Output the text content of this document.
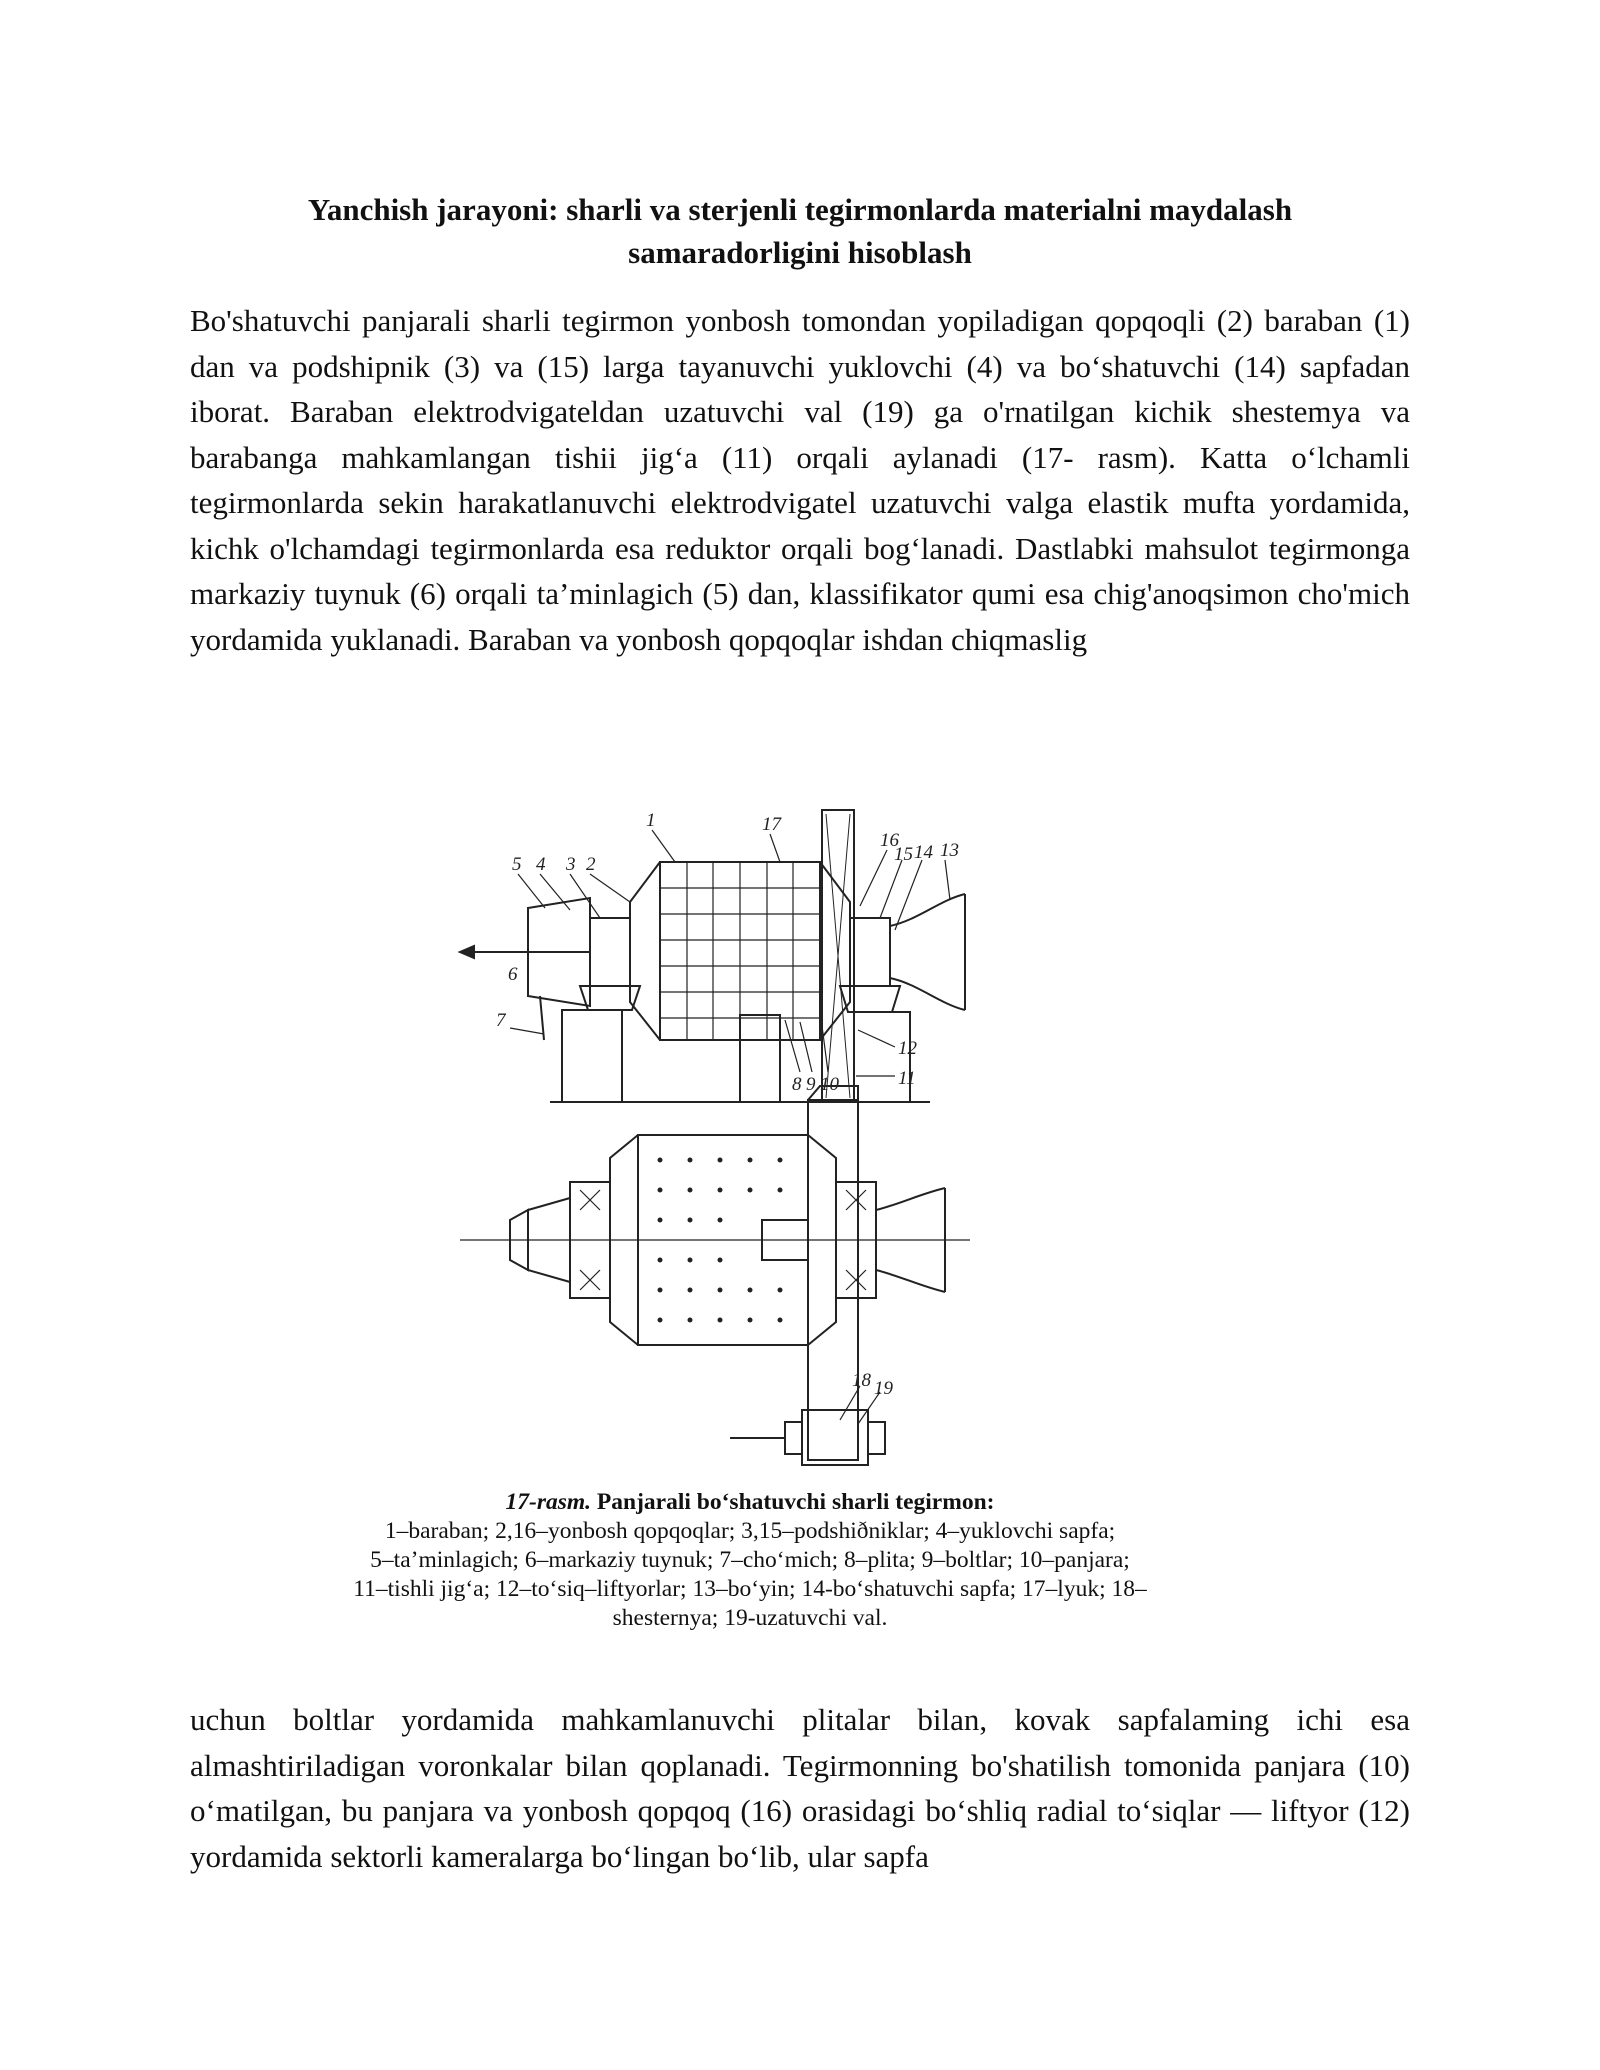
Yanchish jarayoni: sharli va sterjenli tegirmonlarda materialni maydalash
samaradorligini hisoblash

Bo'shatuvchi panjarali sharli tegirmon yonbosh tomondan yopiladigan qopqoqli (2) baraban (1) dan va podshipnik (3) va (15) larga tayanuvchi yuklovchi (4) va bo‘shatuvchi (14) sapfadan iborat. Baraban elektrodvigateldan uzatuvchi val (19) ga o'rnatilgan kichik shestemya va barabanga mahkamlangan tishii jig‘a (11) orqali aylanadi (17- rasm). Katta o‘lchamli tegirmonlarda sekin harakatlanuvchi elektrodvigatel uzatuvchi valga elastik mufta yordamida, kichk o'lchamdagi tegirmonlarda esa reduktor orqali bog‘lanadi. Dastlabki mahsulot tegirmonga markaziy tuynuk (6) orqali ta’minlagich (5) dan, klassifikator qumi esa chig'anoqsimon cho'mich yordamida yuklanadi. Baraban va yonbosh qopqoqlar ishdan chiqmaslig

5 4 3 2
1	17
16
15 14 13
6
7
8 9 10
12
11
18 19
17-rasm. Panjarali bo‘shatuvchi sharli tegirmon:
1–baraban; 2,16–yonbosh qopqoqlar; 3,15–podshiðniklar; 4–yuklovchi sapfa;
5–ta’minlagich; 6–markaziy tuynuk; 7–cho‘mich; 8–plita; 9–boltlar; 10–panjara;
11–tishli jig‘a; 12–to‘siq–liftyorlar; 13–bo‘yin; 14-bo‘shatuvchi sapfa; 17–lyuk; 18–
shesternya; 19-uzatuvchi val.

uchun boltlar yordamida mahkamlanuvchi plitalar bilan, kovak sapfalaming ichi esa almashtiriladigan voronkalar bilan qoplanadi. Tegirmonning bo'shatilish tomonida panjara (10) o‘matilgan, bu panjara va yonbosh qopqoq (16) orasidagi bo‘shliq radial to‘siqlar — liftyor (12) yordamida sektorli kameralarga bo‘lingan bo‘lib, ular sapfa
